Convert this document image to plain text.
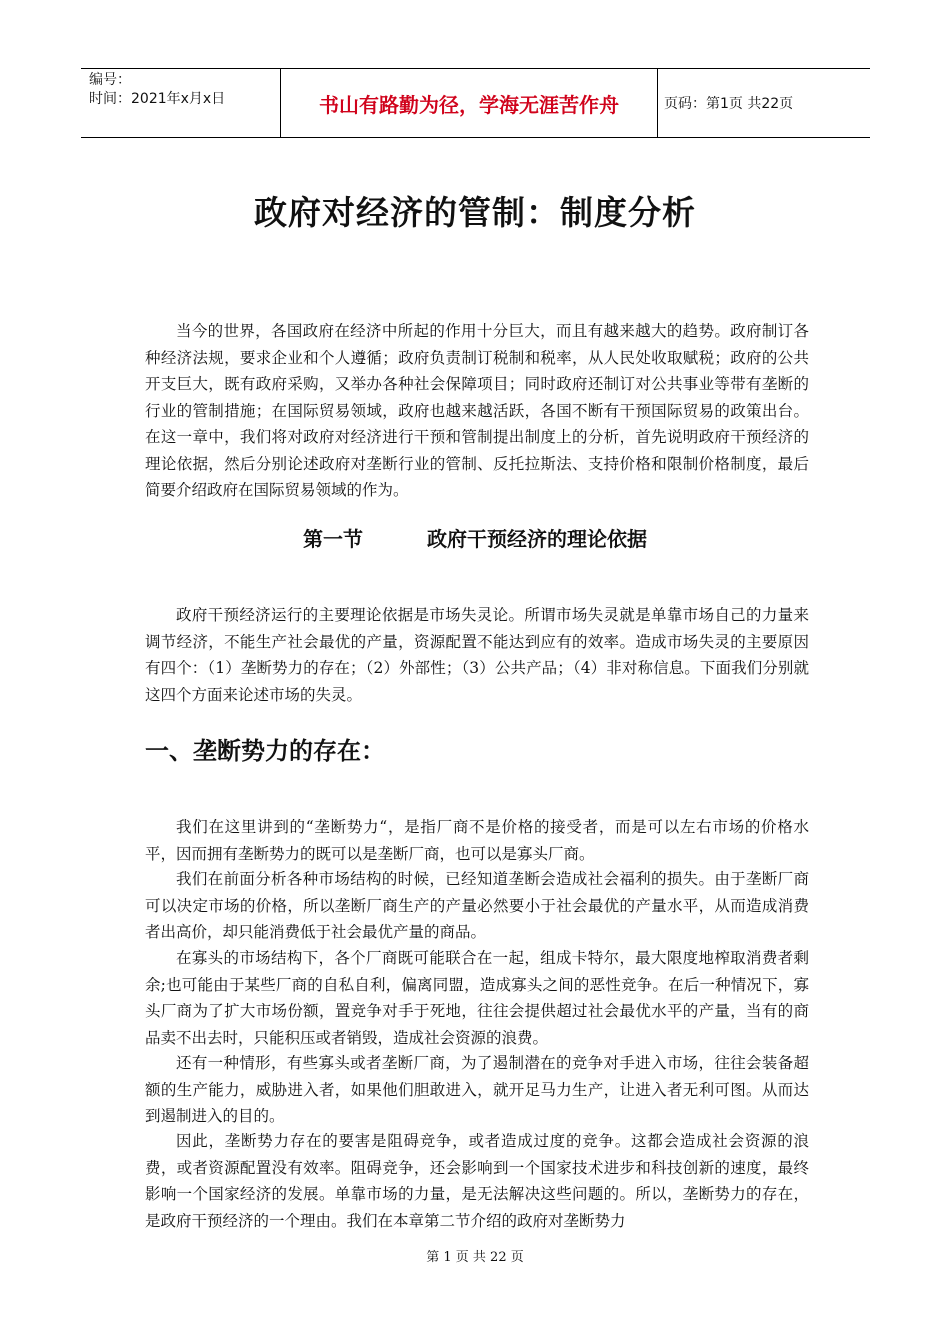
编号：
时间：2021年x月x日	书山有路勤为径，学海无涯苦作舟	页码：第1页 共22页
政府对经济的管制：制度分析

当今的世界，各国政府在经济中所起的作用十分巨大，而且有越来越大的趋势。政府制订各种经济法规，要求企业和个人遵循；政府负责制订税制和税率，从人民处收取赋税；政府的公共开支巨大，既有政府采购，又举办各种社会保障项目；同时政府还制订对公共事业等带有垄断的行业的管制措施；在国际贸易领域，政府也越来越活跃，各国不断有干预国际贸易的政策出台。在这一章中，我们将对政府对经济进行干预和管制提出制度上的分析，首先说明政府干预经济的理论依据，然后分别论述政府对垄断行业的管制、反托拉斯法、支持价格和限制价格制度，最后简要介绍政府在国际贸易领域的作为。

第一节	政府干预经济的理论依据

政府干预经济运行的主要理论依据是市场失灵论。所谓市场失灵就是单靠市场自己的力量来调节经济，不能生产社会最优的产量，资源配置不能达到应有的效率。造成市场失灵的主要原因有四个：（1）垄断势力的存在；（2）外部性；（3）公共产品；（4）非对称信息。下面我们分别就这四个方面来论述市场的失灵。

一、垄断势力的存在：

我们在这里讲到的“垄断势力“，是指厂商不是价格的接受者，而是可以左右市场的价格水平，因而拥有垄断势力的既可以是垄断厂商，也可以是寡头厂商。

我们在前面分析各种市场结构的时候，已经知道垄断会造成社会福利的损失。由于垄断厂商可以决定市场的价格，所以垄断厂商生产的产量必然要小于社会最优的产量水平，从而造成消费者出高价，却只能消费低于社会最优产量的商品。

在寡头的市场结构下，各个厂商既可能联合在一起，组成卡特尔，最大限度地榨取消费者剩余;也可能由于某些厂商的自私自利，偏离同盟，造成寡头之间的恶性竞争。在后一种情况下，寡头厂商为了扩大市场份额，置竞争对手于死地，往往会提供超过社会最优水平的产量，当有的商品卖不出去时，只能积压或者销毁，造成社会资源的浪费。

还有一种情形，有些寡头或者垄断厂商，为了遏制潜在的竞争对手进入市场，往往会装备超额的生产能力，威胁进入者，如果他们胆敢进入，就开足马力生产，让进入者无利可图。从而达到遏制进入的目的。

因此，垄断势力存在的要害是阻碍竞争，或者造成过度的竞争。这都会造成社会资源的浪费，或者资源配置没有效率。阻碍竞争，还会影响到一个国家技术进步和科技创新的速度，最终影响一个国家经济的发展。单靠市场的力量，是无法解决这些问题的。所以，垄断势力的存在，是政府干预经济的一个理由。我们在本章第二节介绍的政府对垄断势力

第 1 页 共 22 页
